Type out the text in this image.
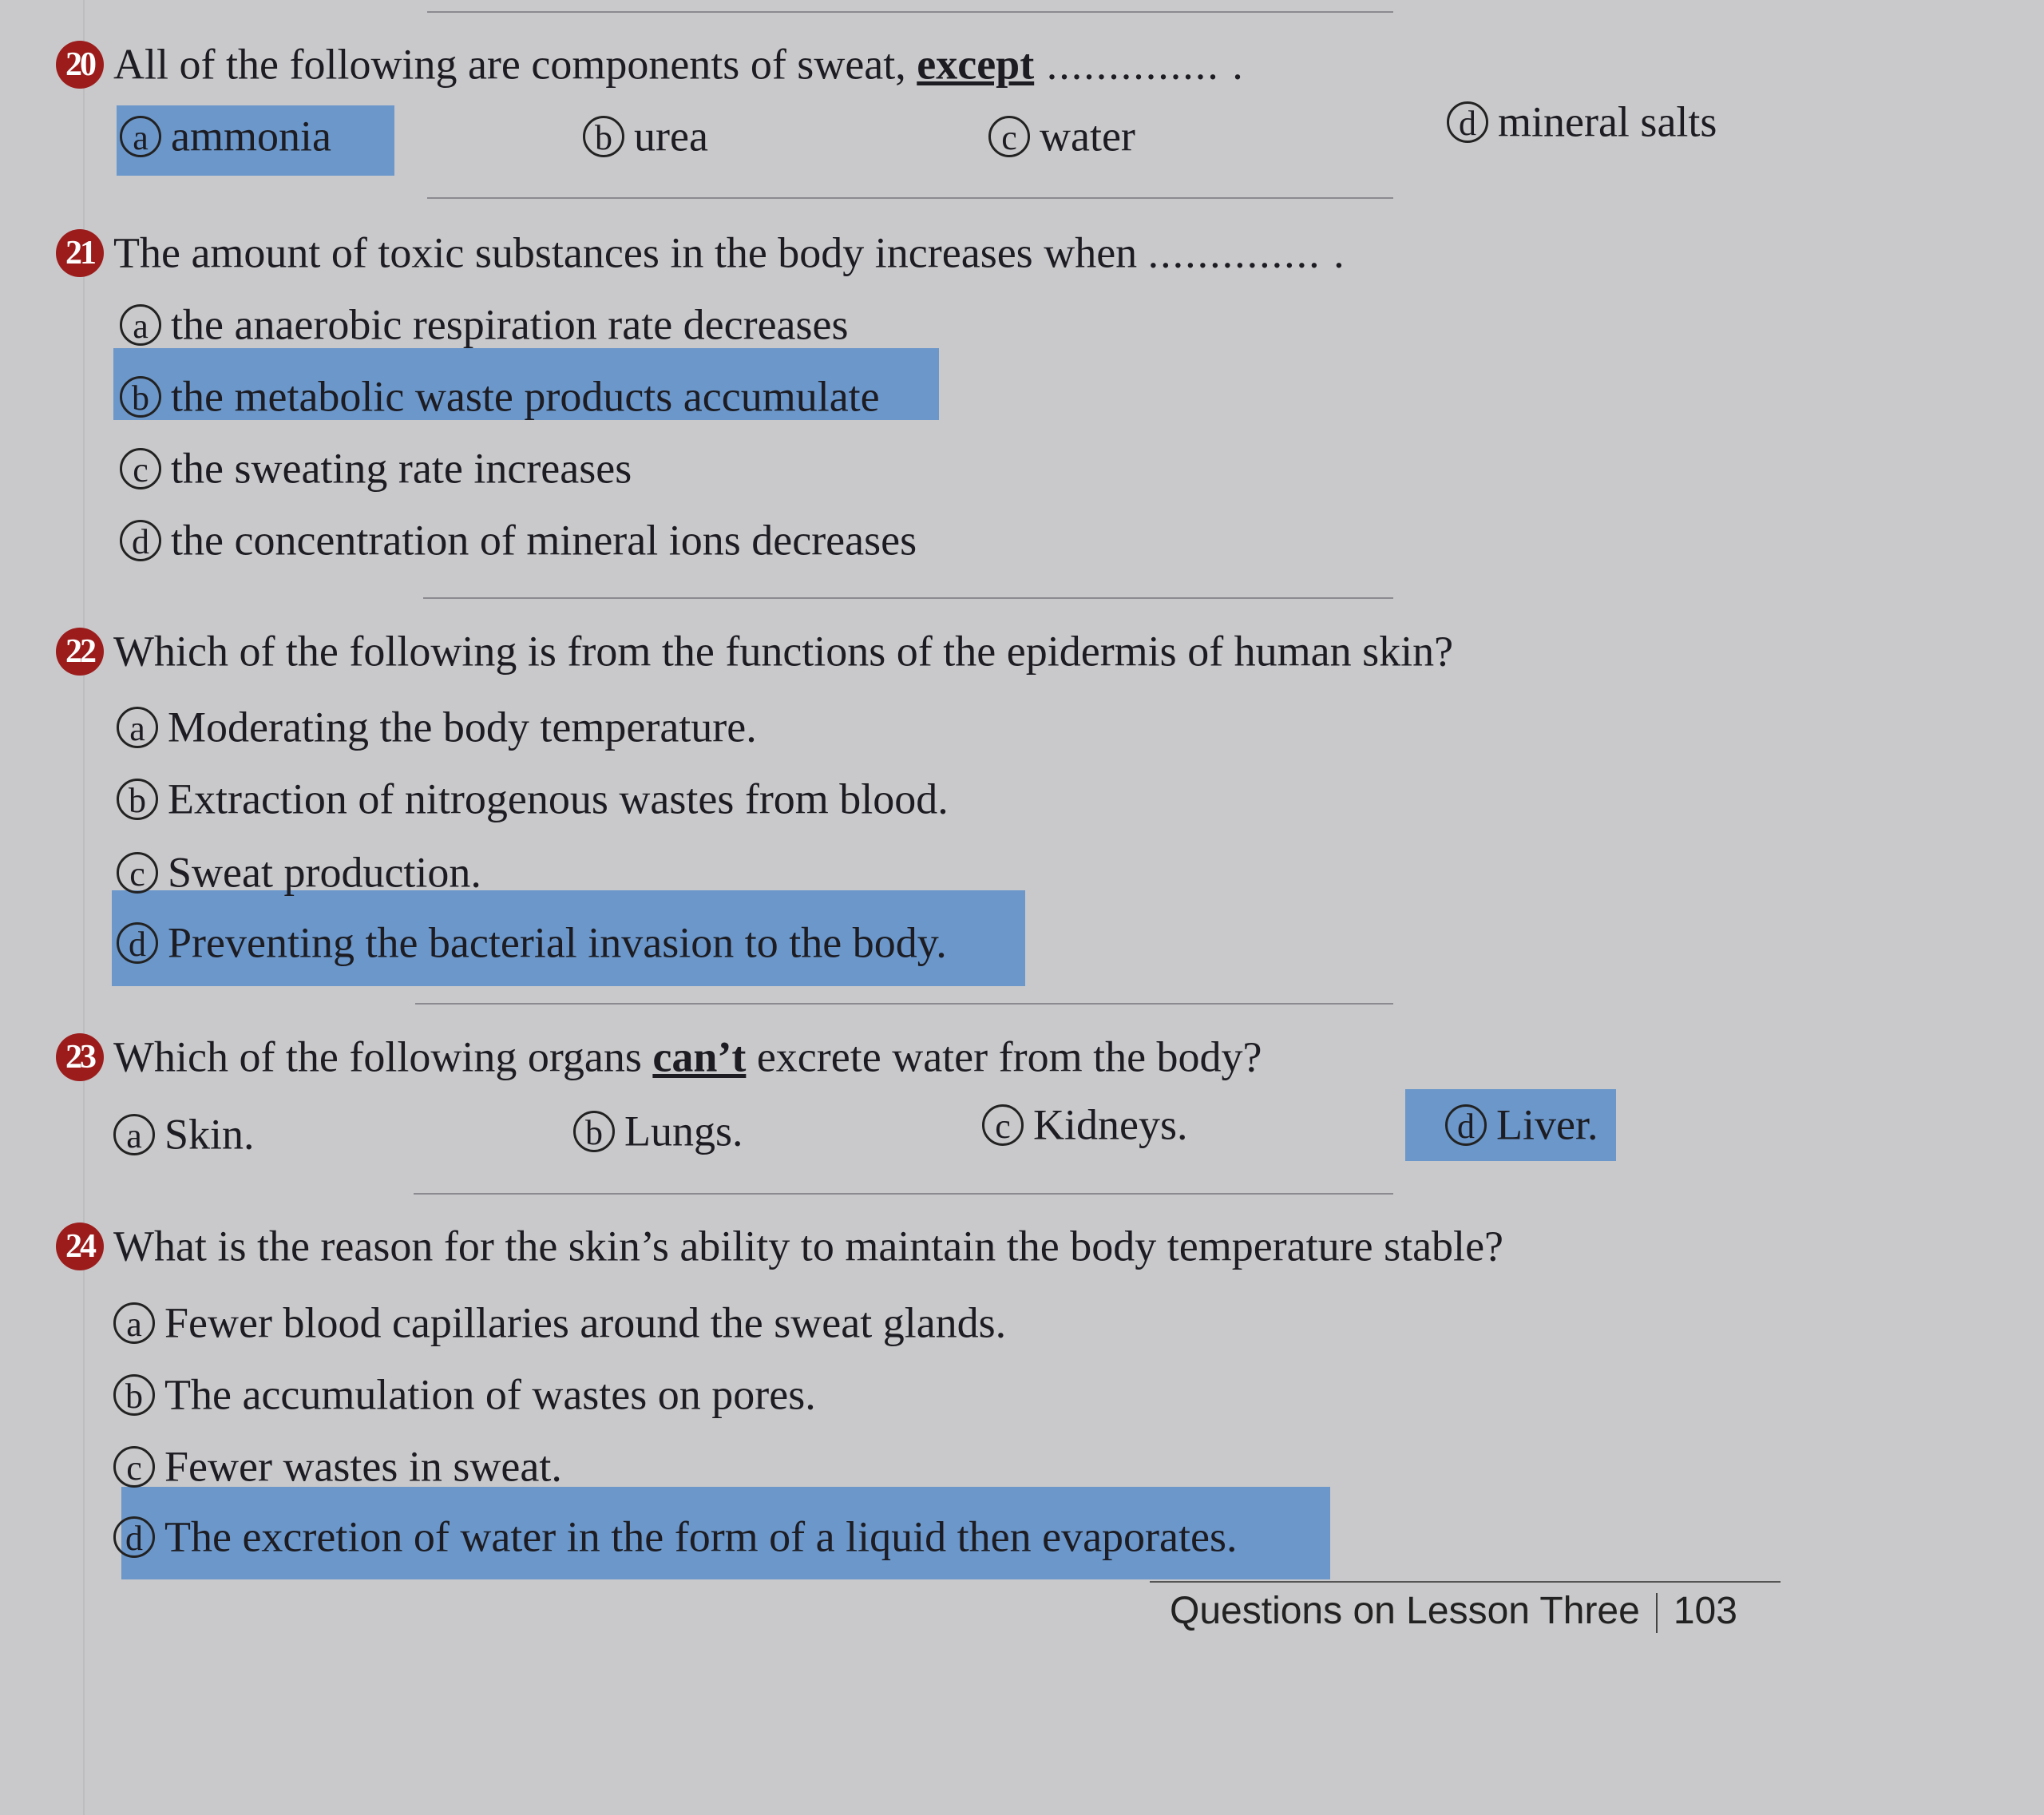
20 All of the following are components of sweat, except .............. .
a ammonia	b urea	c water	d mineral salts
21 The amount of toxic substances in the body increases when .............. .
a the anaerobic respiration rate decreases
b the metabolic waste products accumulate
c the sweating rate increases
d the concentration of mineral ions decreases
22 Which of the following is from the functions of the epidermis of human skin?
a Moderating the body temperature.
b Extraction of nitrogenous wastes from blood.
c Sweat production.
d Preventing the bacterial invasion to the body.
23 Which of the following organs can’t excrete water from the body?
a Skin.	b Lungs.	c Kidneys.	d Liver.
24 What is the reason for the skin’s ability to maintain the body temperature stable?
a Fewer blood capillaries around the sweat glands.
b The accumulation of wastes on pores.
c Fewer wastes in sweat.
d The excretion of water in the form of a liquid then evaporates.
Questions on Lesson Three 103
